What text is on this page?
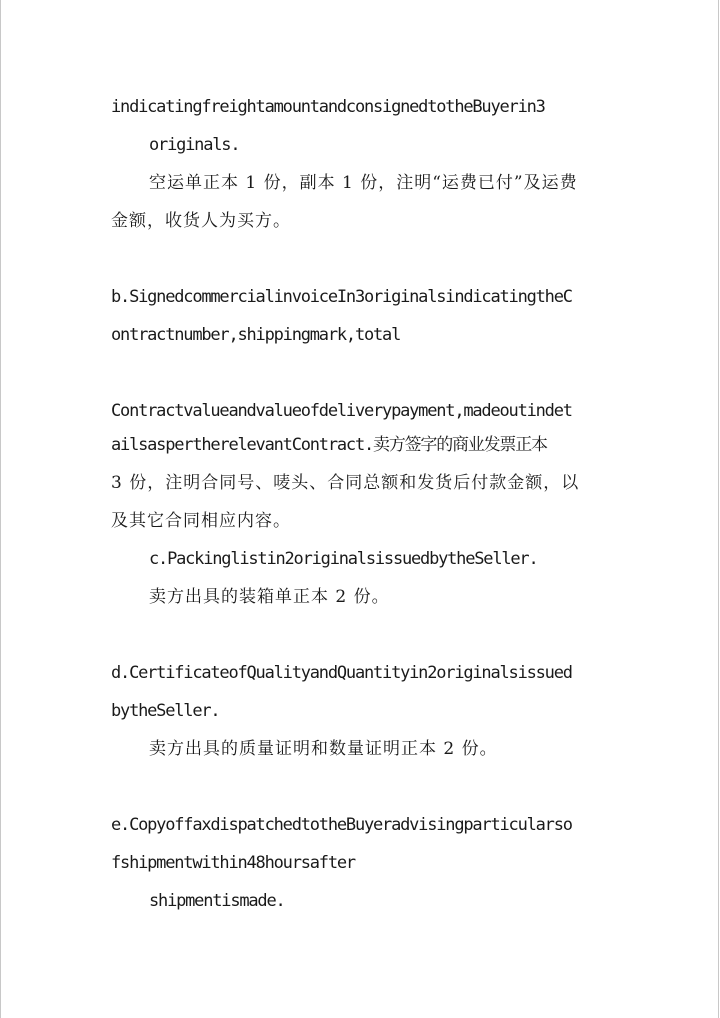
indicatingfreightamountandconsignedtotheBuyerin3

originals.

空运单正本 1 份，副本 1 份，注明“运费已付”及运费

金额，收货人为买方。

b.SignedcommercialinvoiceIn3originalsindicatingtheC

ontractnumber,shippingmark,total

Contractvalueandvalueofdeliverypayment,madeoutindet

ailsaspertherelevantContract.卖方签字的商业发票正本

3 份，注明合同号、唛头、合同总额和发货后付款金额，以

及其它合同相应内容。

c.Packinglistin2originalsissuedbytheSeller.

卖方出具的装箱单正本 2 份。

d.CertificateofQualityandQuantityin2originalsissued

bytheSeller.

卖方出具的质量证明和数量证明正本 2 份。

e.CopyoffaxdispatchedtotheBuyeradvisingparticularso

fshipmentwithin48hoursafter

shipmentismade.
